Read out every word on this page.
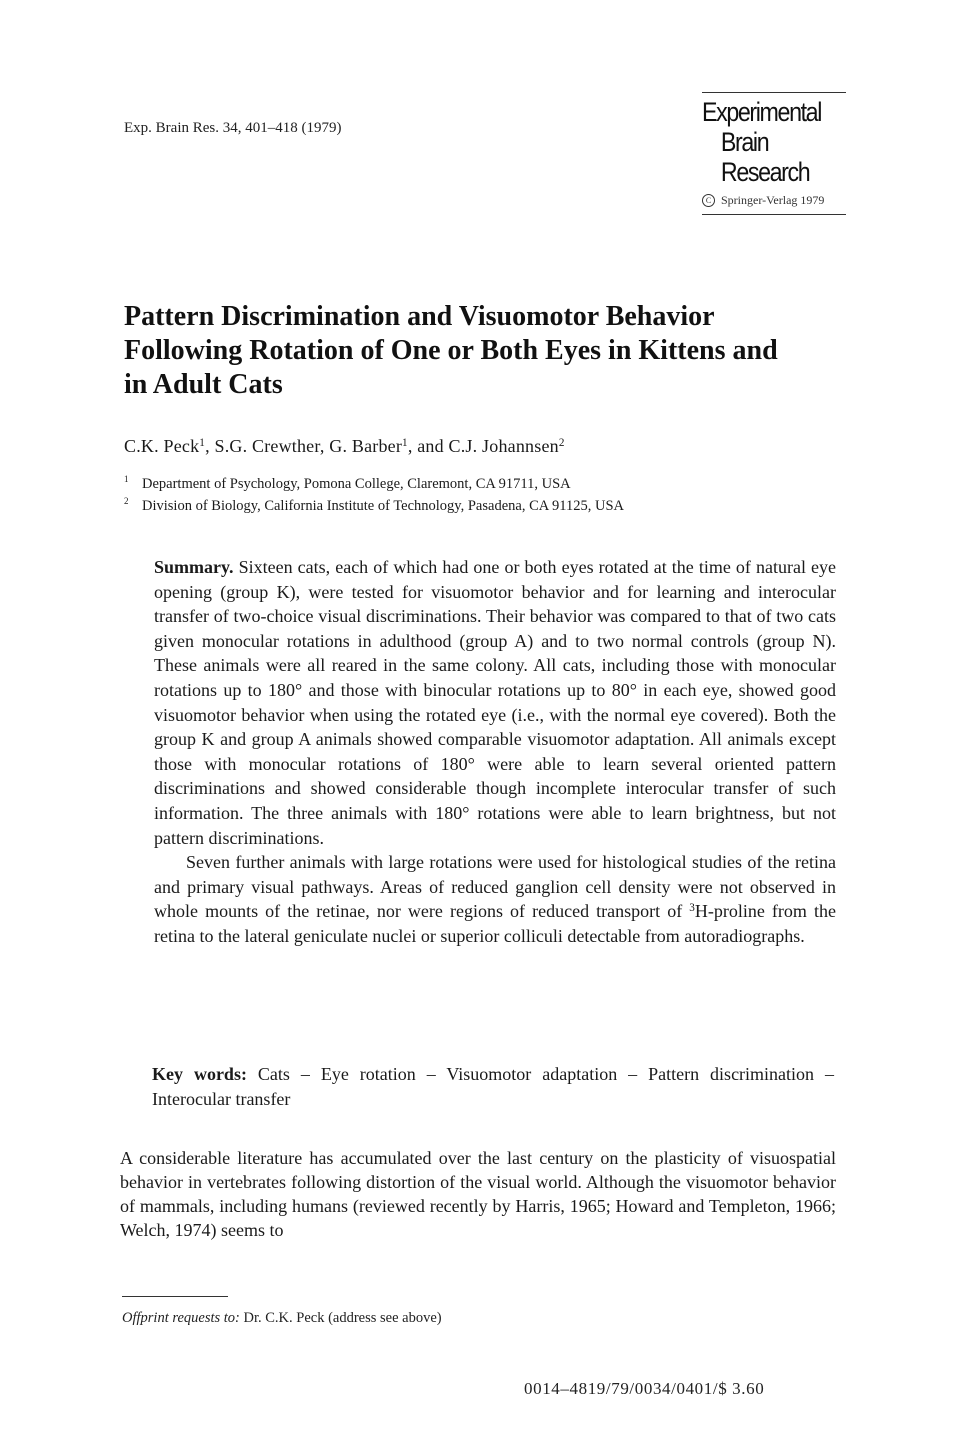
Exp. Brain Res. 34, 401–418 (1979)
Experimental
Brain
Research
C Springer-Verlag 1979
Pattern Discrimination and Visuomotor Behavior
Following Rotation of One or Both Eyes in Kittens and
in Adult Cats
C.K. Peck$^1$, S.G. Crewther, G. Barber$^1$, and C.J. Johannsen$^2$
$^1$ Department of Psychology, Pomona College, Claremont, CA 91711, USA
$^2$ Division of Biology, California Institute of Technology, Pasadena, CA 91125, USA

Summary. Sixteen cats, each of which had one or both eyes rotated at the time of natural eye opening (group K), were tested for visuomotor behavior and for learning and interocular transfer of two-choice visual discriminations. Their behavior was compared to that of two cats given monocular rotations in adulthood (group A) and to two normal controls (group N). These animals were all reared in the same colony. All cats, including those with monocular rotations up to 180° and those with binocular rotations up to 80° in each eye, showed good visuomotor behavior when using the rotated eye (i.e., with the normal eye covered). Both the group K and group A animals showed comparable visuomotor adaptation. All animals except those with monocular rotations of 180° were able to learn several oriented pattern discriminations and showed considerable though incomplete interocular transfer of such information. The three animals with 180° rotations were able to learn brightness, but not pattern discriminations.

Seven further animals with large rotations were used for histological studies of the retina and primary visual pathways. Areas of reduced ganglion cell density were not observed in whole mounts of the retinae, nor were regions of reduced transport of $^3$H-proline from the retina to the lateral geniculate nuclei or superior colliculi detectable from autoradiographs.

Key words: Cats – Eye rotation – Visuomotor adaptation – Pattern discrimination – Interocular transfer
A considerable literature has accumulated over the last century on the plasticity of visuospatial behavior in vertebrates following distortion of the visual world. Although the visuomotor behavior of mammals, including humans (reviewed recently by Harris, 1965; Howard and Templeton, 1966; Welch, 1974) seems to
Offprint requests to: Dr. C.K. Peck (address see above)
0014–4819/79/0034/0401/$ 3.60
